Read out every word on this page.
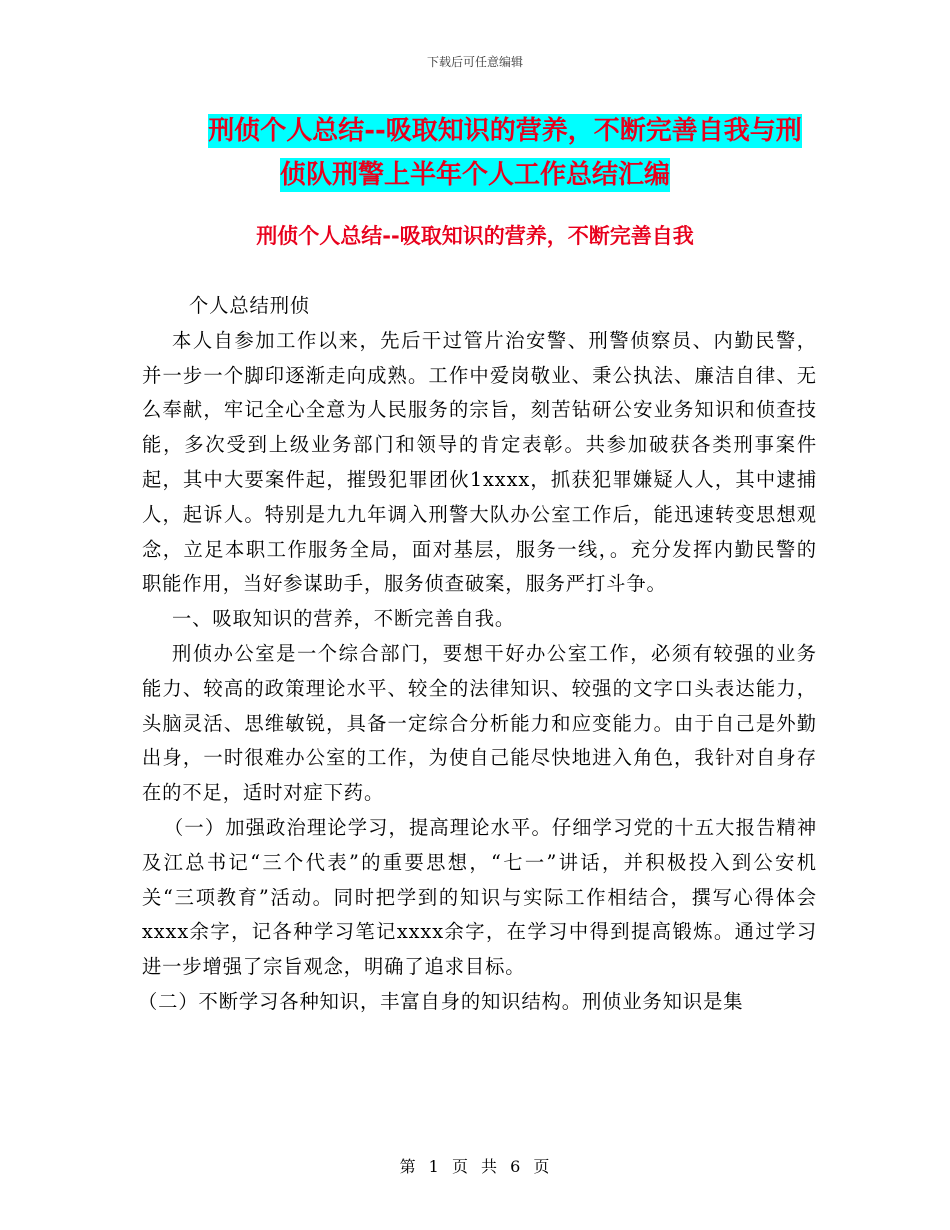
下载后可任意编辑
刑侦个人总结--吸取知识的营养，不断完善自我与刑
侦队刑警上半年个人工作总结汇编
刑侦个人总结--吸取知识的营养，不断完善自我

个人总结刑侦

本人自参加工作以来，先后干过管片治安警、刑警侦察员、内勤民警，并一步一个脚印逐渐走向成熟。工作中爱岗敬业、秉公执法、廉洁自律、无么奉献，牢记全心全意为人民服务的宗旨，刻苦钻研公安业务知识和侦查技能，多次受到上级业务部门和领导的肯定表彰。共参加破获各类刑事案件起，其中大要案件起，摧毁犯罪团伙1xxxx，抓获犯罪嫌疑人人，其中逮捕人，起诉人。特别是九九年调入刑警大队办公室工作后，能迅速转变思想观念，立足本职工作服务全局，面对基层，服务一线，。充分发挥内勤民警的职能作用，当好参谋助手，服务侦查破案，服务严打斗争。

一、吸取知识的营养，不断完善自我。

刑侦办公室是一个综合部门，要想干好办公室工作，必须有较强的业务能力、较高的政策理论水平、较全的法律知识、较强的文字口头表达能力，头脑灵活、思维敏锐，具备一定综合分析能力和应变能力。由于自己是外勤出身，一时很难办公室的工作，为使自己能尽快地进入角色，我针对自身存在的不足，适时对症下药。

（一）加强政治理论学习，提高理论水平。仔细学习党的十五大报告精神及江总书记“三个代表”的重要思想，“七一”讲话，并积极投入到公安机关“三项教育”活动。同时把学到的知识与实际工作相结合，撰写心得体会xxxx余字，记各种学习笔记xxxx余字，在学习中得到提高锻炼。通过学习进一步增强了宗旨观念，明确了追求目标。

（二）不断学习各种知识，丰富自身的知识结构。刑侦业务知识是集

第 1 页 共 6 页
